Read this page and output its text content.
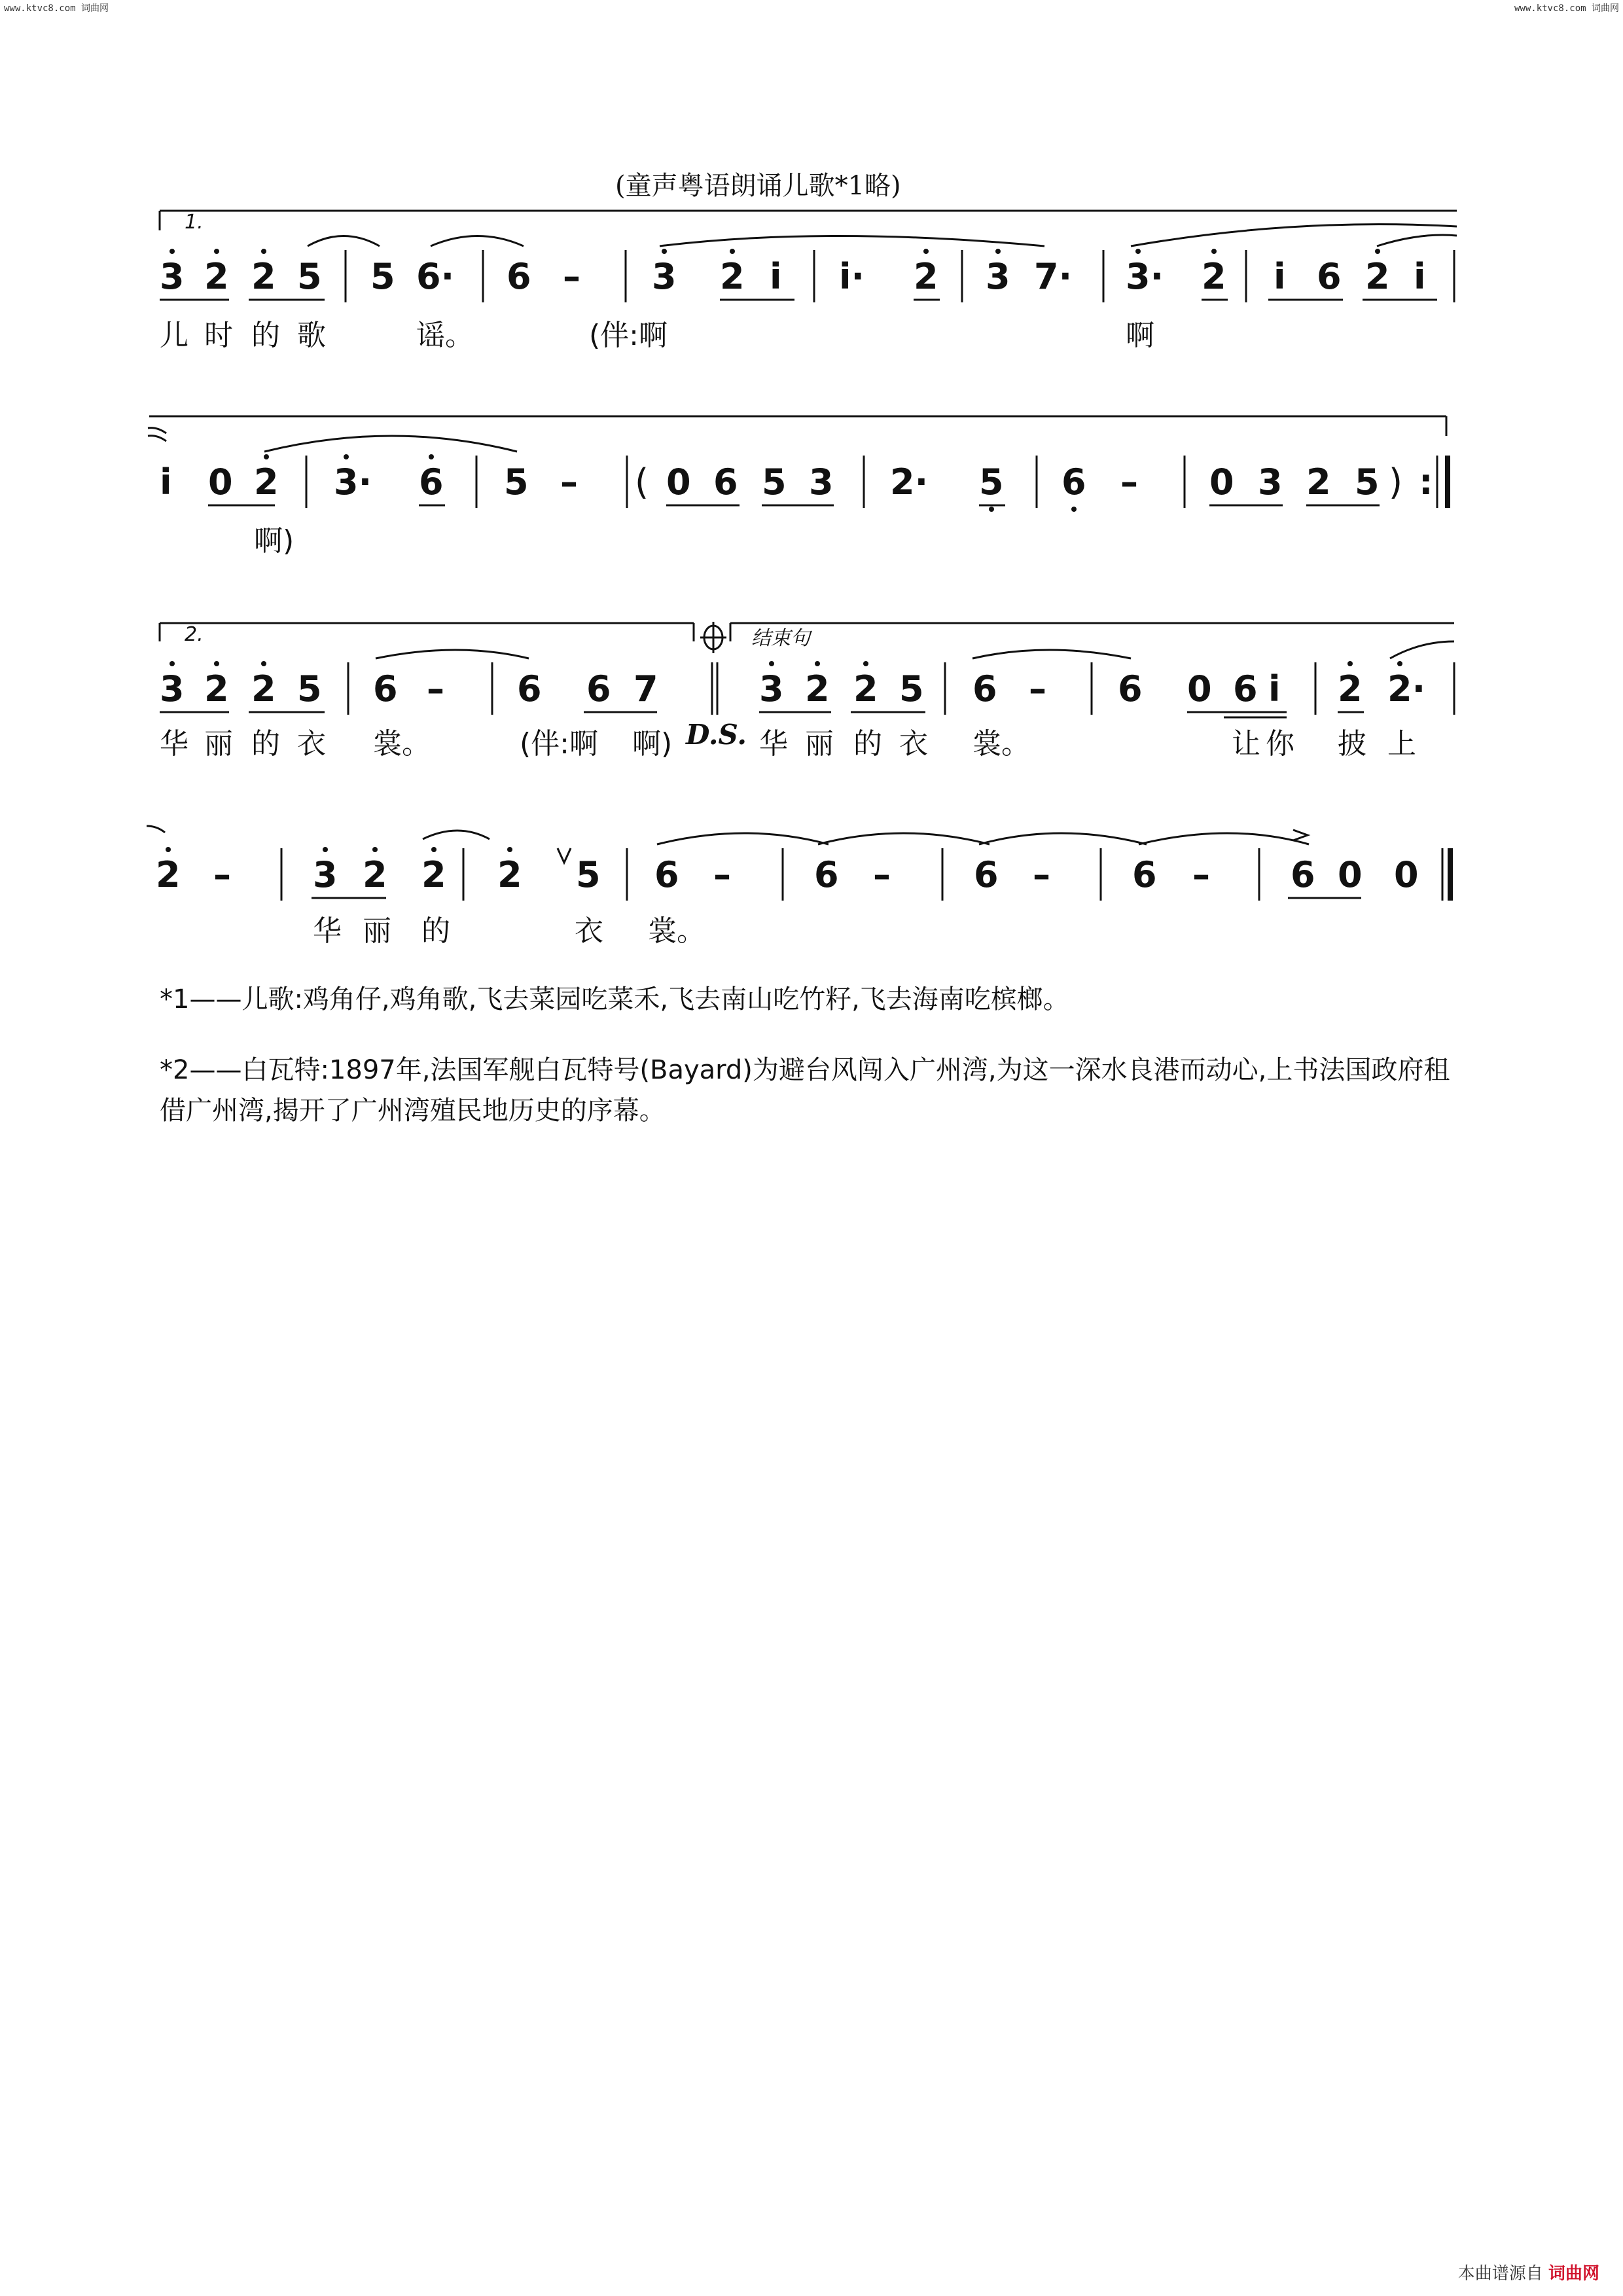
www.ktvc8.com 词曲网	www.ktvc8.com 词曲网
(童声粤语朗诵儿歌*1略)
1.
2.	结束句
3 2 2 5 5 6· 6 – 3 2 i i· 2 3 7· 3
· 2 i 6 2 i
儿 时 的 歌	谣。	(伴:啊	啊
i 0 2 3
· 6 5 – ( 0 6 5 3 2· 5 6 – 0 3 2 5 ) :
啊)
3 2 2 5 6 – 6 6 7	3 2 2 5 6 – 6 0 6 i 2 2
·
D.S.
华 丽 的 衣 裳。	(伴:啊 啊)	华 丽 的 衣 裳。	让 你 披 上
2 – 3 2 2 2 5 6 – 6 – 6 – 6 – 6 0 0
华 丽 的	衣 裳。
*1——儿歌:鸡角仔,鸡角歌,飞去菜园吃菜禾,飞去南山吃竹籽,飞去海南吃槟榔。
*2——白瓦特:1897年,法国军舰白瓦特号(Bayard)为避台风闯入广州湾,为这一深水良港而动心,上书法国政府租借广州湾,揭开了广州湾殖民地历史的序幕。
本曲谱源自 词曲网
